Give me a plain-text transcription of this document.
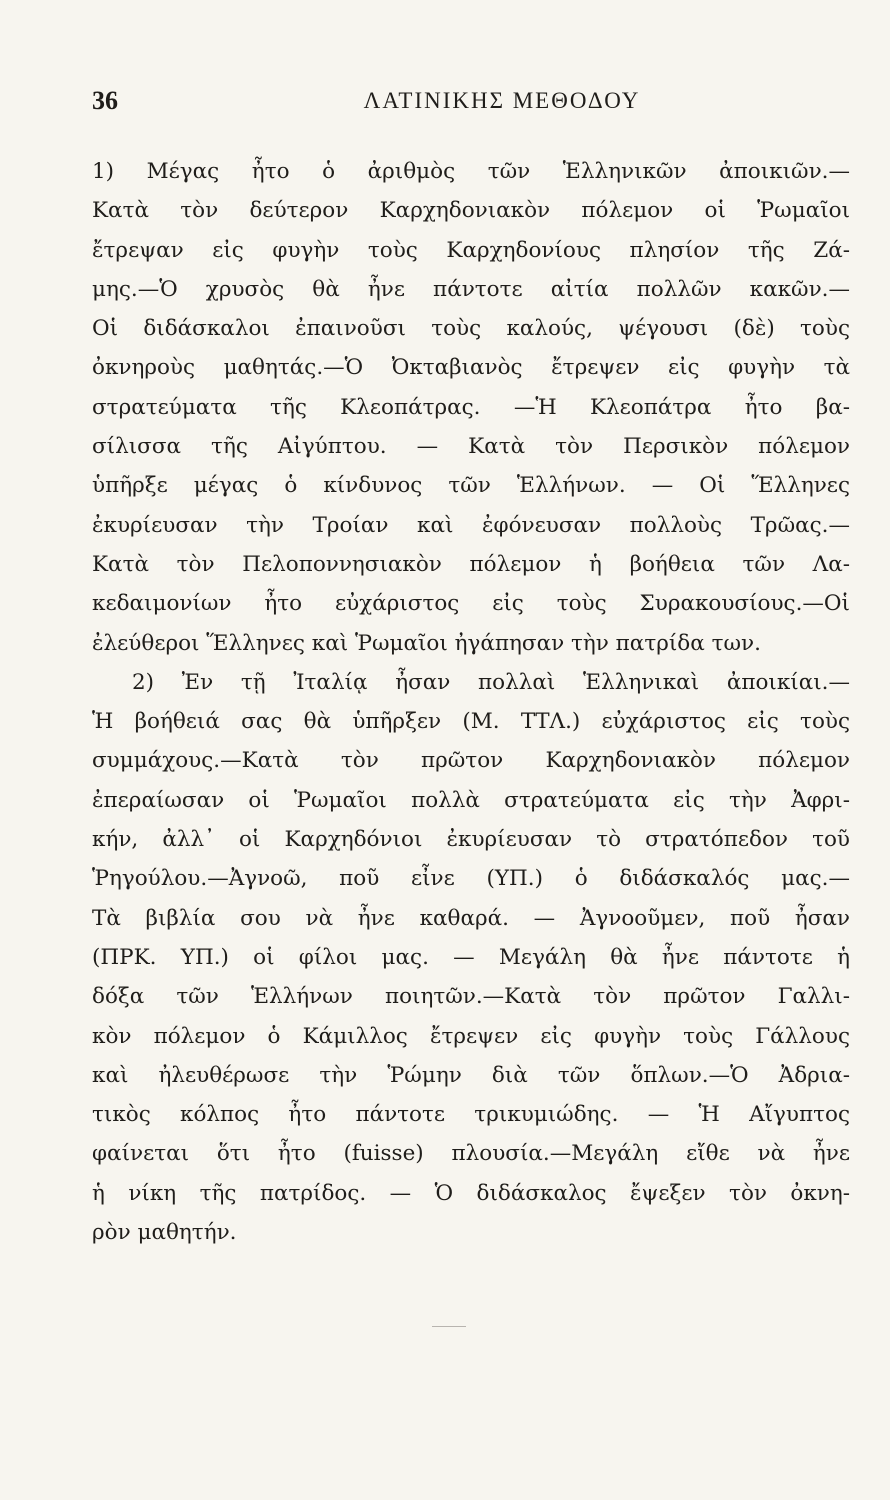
36	ΛΑΤΙΝΙΚΗΣ ΜΕΘΟΔΟΥ
1) Μέγας ἦτο ὁ ἀριθμὸς τῶν Ἑλληνικῶν ἀποικιῶν.—
Κατὰ τὸν δεύτερον Καρχηδονιακὸν πόλεμον οἱ Ῥωμαῖοι
ἔτρεψαν εἰς φυγὴν τοὺς Καρχηδονίους πλησίον τῆς Ζά-
μης.—Ὁ χρυσὸς θὰ ἦνε πάντοτε αἰτία πολλῶν κακῶν.—
Οἱ διδάσκαλοι ἐπαινοῦσι τοὺς καλούς, ψέγουσι (δὲ) τοὺς
ὀκνηροὺς μαθητάς.—Ὁ Ὀκταβιανὸς ἔτρεψεν εἰς φυγὴν τὰ
στρατεύματα τῆς Κλεοπάτρας. —Ἡ Κλεοπάτρα ἦτο βα-
σίλισσα τῆς Αἰγύπτου. — Κατὰ τὸν Περσικὸν πόλεμον
ὑπῆρξε μέγας ὁ κίνδυνος τῶν Ἑλλήνων. — Οἱ Ἕλληνες
ἐκυρίευσαν τὴν Τροίαν καὶ ἐφόνευσαν πολλοὺς Τρῶας.—
Κατὰ τὸν Πελοποννησιακὸν πόλεμον ἡ βοήθεια τῶν Λα-
κεδαιμονίων ἦτο εὐχάριστος εἰς τοὺς Συρακουσίους.—Οἱ
ἐλεύθεροι Ἕλληνες καὶ Ῥωμαῖοι ἠγάπησαν τὴν πατρίδα των.
2) Ἐν τῇ Ἰταλίᾳ ἦσαν πολλαὶ Ἑλληνικαὶ ἀποικίαι.—
Ἡ βοήθειά σας θὰ ὑπῆρξεν (Μ. ΤΤΛ.) εὐχάριστος εἰς τοὺς
συμμάχους.—Κατὰ τὸν πρῶτον Καρχηδονιακὸν πόλεμον
ἐπεραίωσαν οἱ Ῥωμαῖοι πολλὰ στρατεύματα εἰς τὴν Ἀφρι-
κήν, ἀλλ᾽ οἱ Καρχηδόνιοι ἐκυρίευσαν τὸ στρατόπεδον τοῦ
Ῥηγούλου.—Ἀγνοῶ, ποῦ εἶνε (ΥΠ.) ὁ διδάσκαλός μας.—
Τὰ βιβλία σου νὰ ἦνε καθαρά. — Ἀγνοοῦμεν, ποῦ ἦσαν
(ΠΡΚ. ΥΠ.) οἱ φίλοι μας. — Μεγάλη θὰ ἦνε πάντοτε ἡ
δόξα τῶν Ἑλλήνων ποιητῶν.—Κατὰ τὸν πρῶτον Γαλλι-
κὸν πόλεμον ὁ Κάμιλλος ἔτρεψεν εἰς φυγὴν τοὺς Γάλλους
καὶ ἠλευθέρωσε τὴν Ῥώμην διὰ τῶν ὅπλων.—Ὁ Ἀδρια-
τικὸς κόλπος ἦτο πάντοτε τρικυμιώδης. — Ἡ Αἴγυπτος
φαίνεται ὅτι ἦτο (fuisse) πλουσία.—Μεγάλη εἴθε νὰ ἦνε
ἡ νίκη τῆς πατρίδος. — Ὁ διδάσκαλος ἔψεξεν τὸν ὀκνη-
ρὸν μαθητήν.
